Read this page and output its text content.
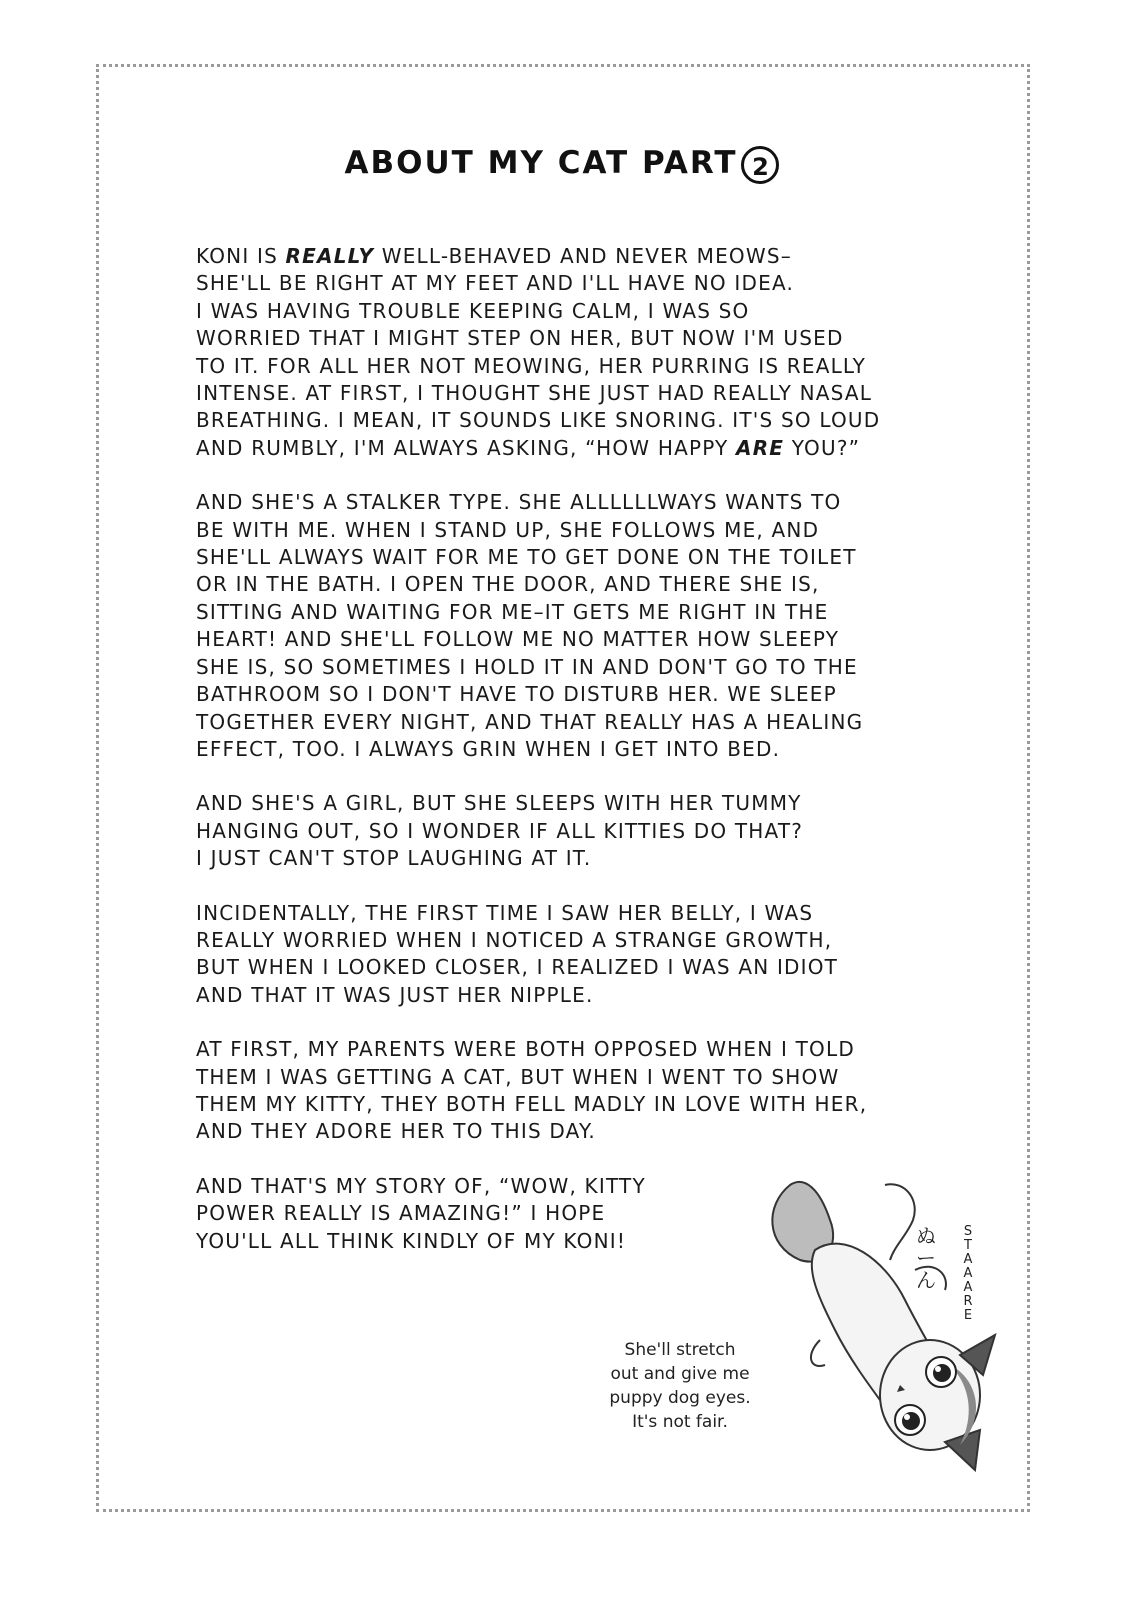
ABOUT MY CAT PART 2
KONI IS REALLY WELL-BEHAVED AND NEVER MEOWS–
SHE'LL BE RIGHT AT MY FEET AND I'LL HAVE NO IDEA.
I WAS HAVING TROUBLE KEEPING CALM, I WAS SO
WORRIED THAT I MIGHT STEP ON HER, BUT NOW I'M USED
TO IT. FOR ALL HER NOT MEOWING, HER PURRING IS REALLY
INTENSE. AT FIRST, I THOUGHT SHE JUST HAD REALLY NASAL
BREATHING. I MEAN, IT SOUNDS LIKE SNORING. IT'S SO LOUD
AND RUMBLY, I'M ALWAYS ASKING, “HOW HAPPY ARE YOU?”
AND SHE'S A STALKER TYPE. SHE ALLLLLLWAYS WANTS TO
BE WITH ME. WHEN I STAND UP, SHE FOLLOWS ME, AND
SHE'LL ALWAYS WAIT FOR ME TO GET DONE ON THE TOILET
OR IN THE BATH. I OPEN THE DOOR, AND THERE SHE IS,
SITTING AND WAITING FOR ME–IT GETS ME RIGHT IN THE
HEART! AND SHE'LL FOLLOW ME NO MATTER HOW SLEEPY
SHE IS, SO SOMETIMES I HOLD IT IN AND DON'T GO TO THE
BATHROOM SO I DON'T HAVE TO DISTURB HER. WE SLEEP
TOGETHER EVERY NIGHT, AND THAT REALLY HAS A HEALING
EFFECT, TOO. I ALWAYS GRIN WHEN I GET INTO BED.
AND SHE'S A GIRL, BUT SHE SLEEPS WITH HER TUMMY
HANGING OUT, SO I WONDER IF ALL KITTIES DO THAT?
I JUST CAN'T STOP LAUGHING AT IT.
INCIDENTALLY, THE FIRST TIME I SAW HER BELLY, I WAS
REALLY WORRIED WHEN I NOTICED A STRANGE GROWTH,
BUT WHEN I LOOKED CLOSER, I REALIZED I WAS AN IDIOT
AND THAT IT WAS JUST HER NIPPLE.
AT FIRST, MY PARENTS WERE BOTH OPPOSED WHEN I TOLD
THEM I WAS GETTING A CAT, BUT WHEN I WENT TO SHOW
THEM MY KITTY, THEY BOTH FELL MADLY IN LOVE WITH HER,
AND THEY ADORE HER TO THIS DAY.
AND THAT'S MY STORY OF, “WOW, KITTY
POWER REALLY IS AMAZING!” I HOPE
YOU'LL ALL THINK KINDLY OF MY KONI!	ぬ
ー
ん
S
T
A
A
A
R
E
She'll stretch
out and give me
puppy dog eyes.
It's not fair.
